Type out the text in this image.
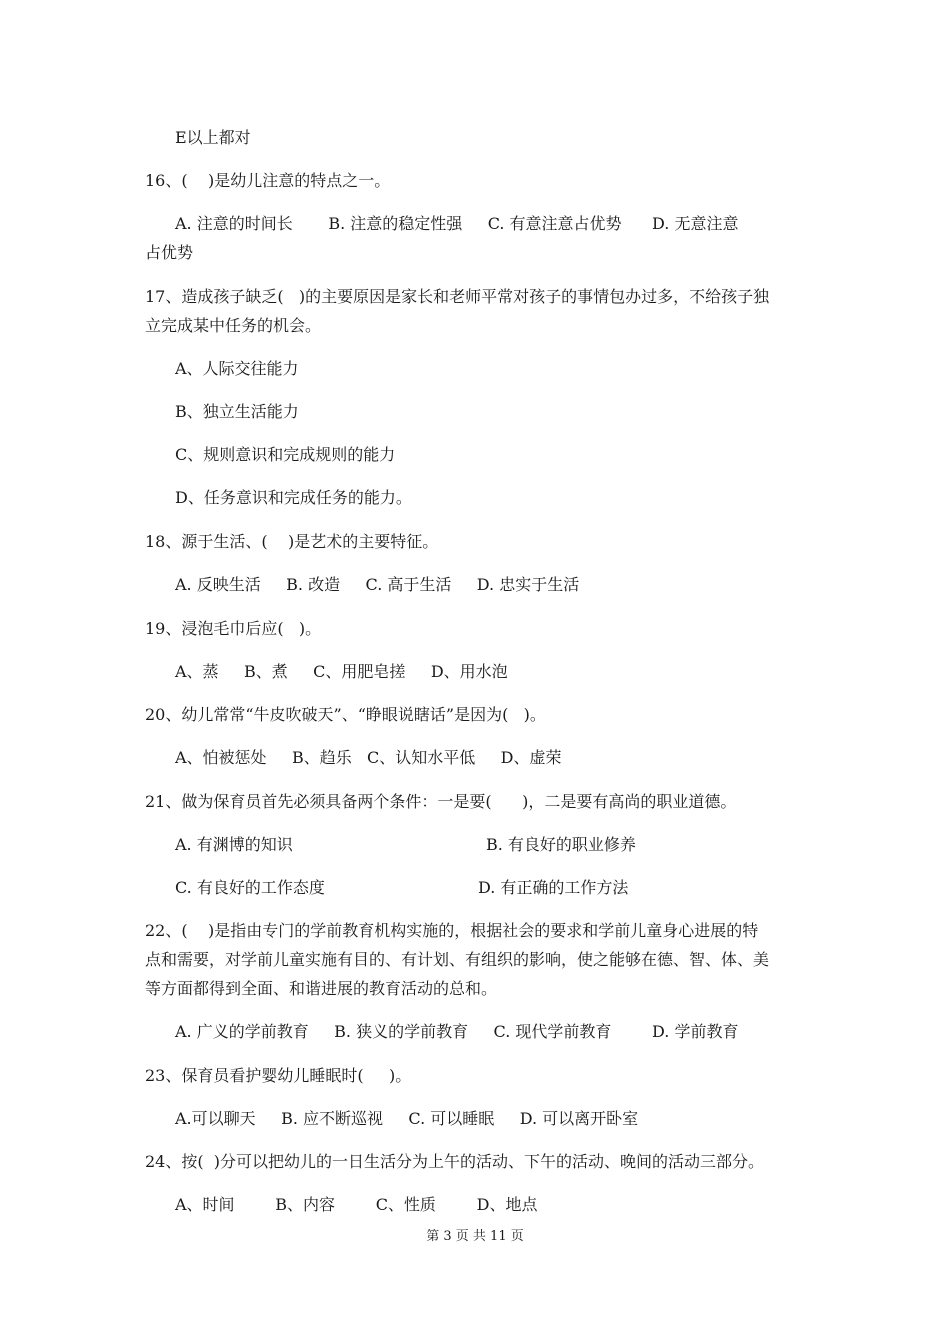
E以上都对
16、(    )是幼儿注意的特点之一。
A. 注意的时间长       B. 注意的稳定性强     C. 有意注意占优势      D. 无意注意
占优势
17、造成孩子缺乏(   )的主要原因是家长和老师平常对孩子的事情包办过多，不给孩子独
立完成某中任务的机会。
A、人际交往能力
B、独立生活能力
C、规则意识和完成规则的能力
D、任务意识和完成任务的能力。
18、源于生活、(    )是艺术的主要特征。
A. 反映生活     B. 改造     C. 高于生活     D. 忠实于生活
19、浸泡毛巾后应(   )。
A、蒸     B、煮     C、用肥皂搓     D、用水泡
20、幼儿常常“牛皮吹破天”、“睁眼说瞎话”是因为(   )。
A、怕被惩处     B、趋乐   C、认知水平低     D、虚荣
21、做为保育员首先必须具备两个条件：一是要(      )，二是要有高尚的职业道德。
A. 有渊博的知识	B. 有良好的职业修养
C. 有良好的工作态度	D. 有正确的工作方法
22、(    )是指由专门的学前教育机构实施的，根据社会的要求和学前儿童身心进展的特
点和需要，对学前儿童实施有目的、有计划、有组织的影响，使之能够在德、智、体、美
等方面都得到全面、和谐进展的教育活动的总和。
A. 广义的学前教育     B. 狭义的学前教育     C. 现代学前教育        D. 学前教育
23、保育员看护婴幼儿睡眠时(     )。
A.可以聊天     B. 应不断巡视     C. 可以睡眠     D. 可以离开卧室
24、按(  )分可以把幼儿的一日生活分为上午的活动、下午的活动、晚间的活动三部分。
A、时间        B、内容        C、性质        D、地点
第 3 页 共 11 页
